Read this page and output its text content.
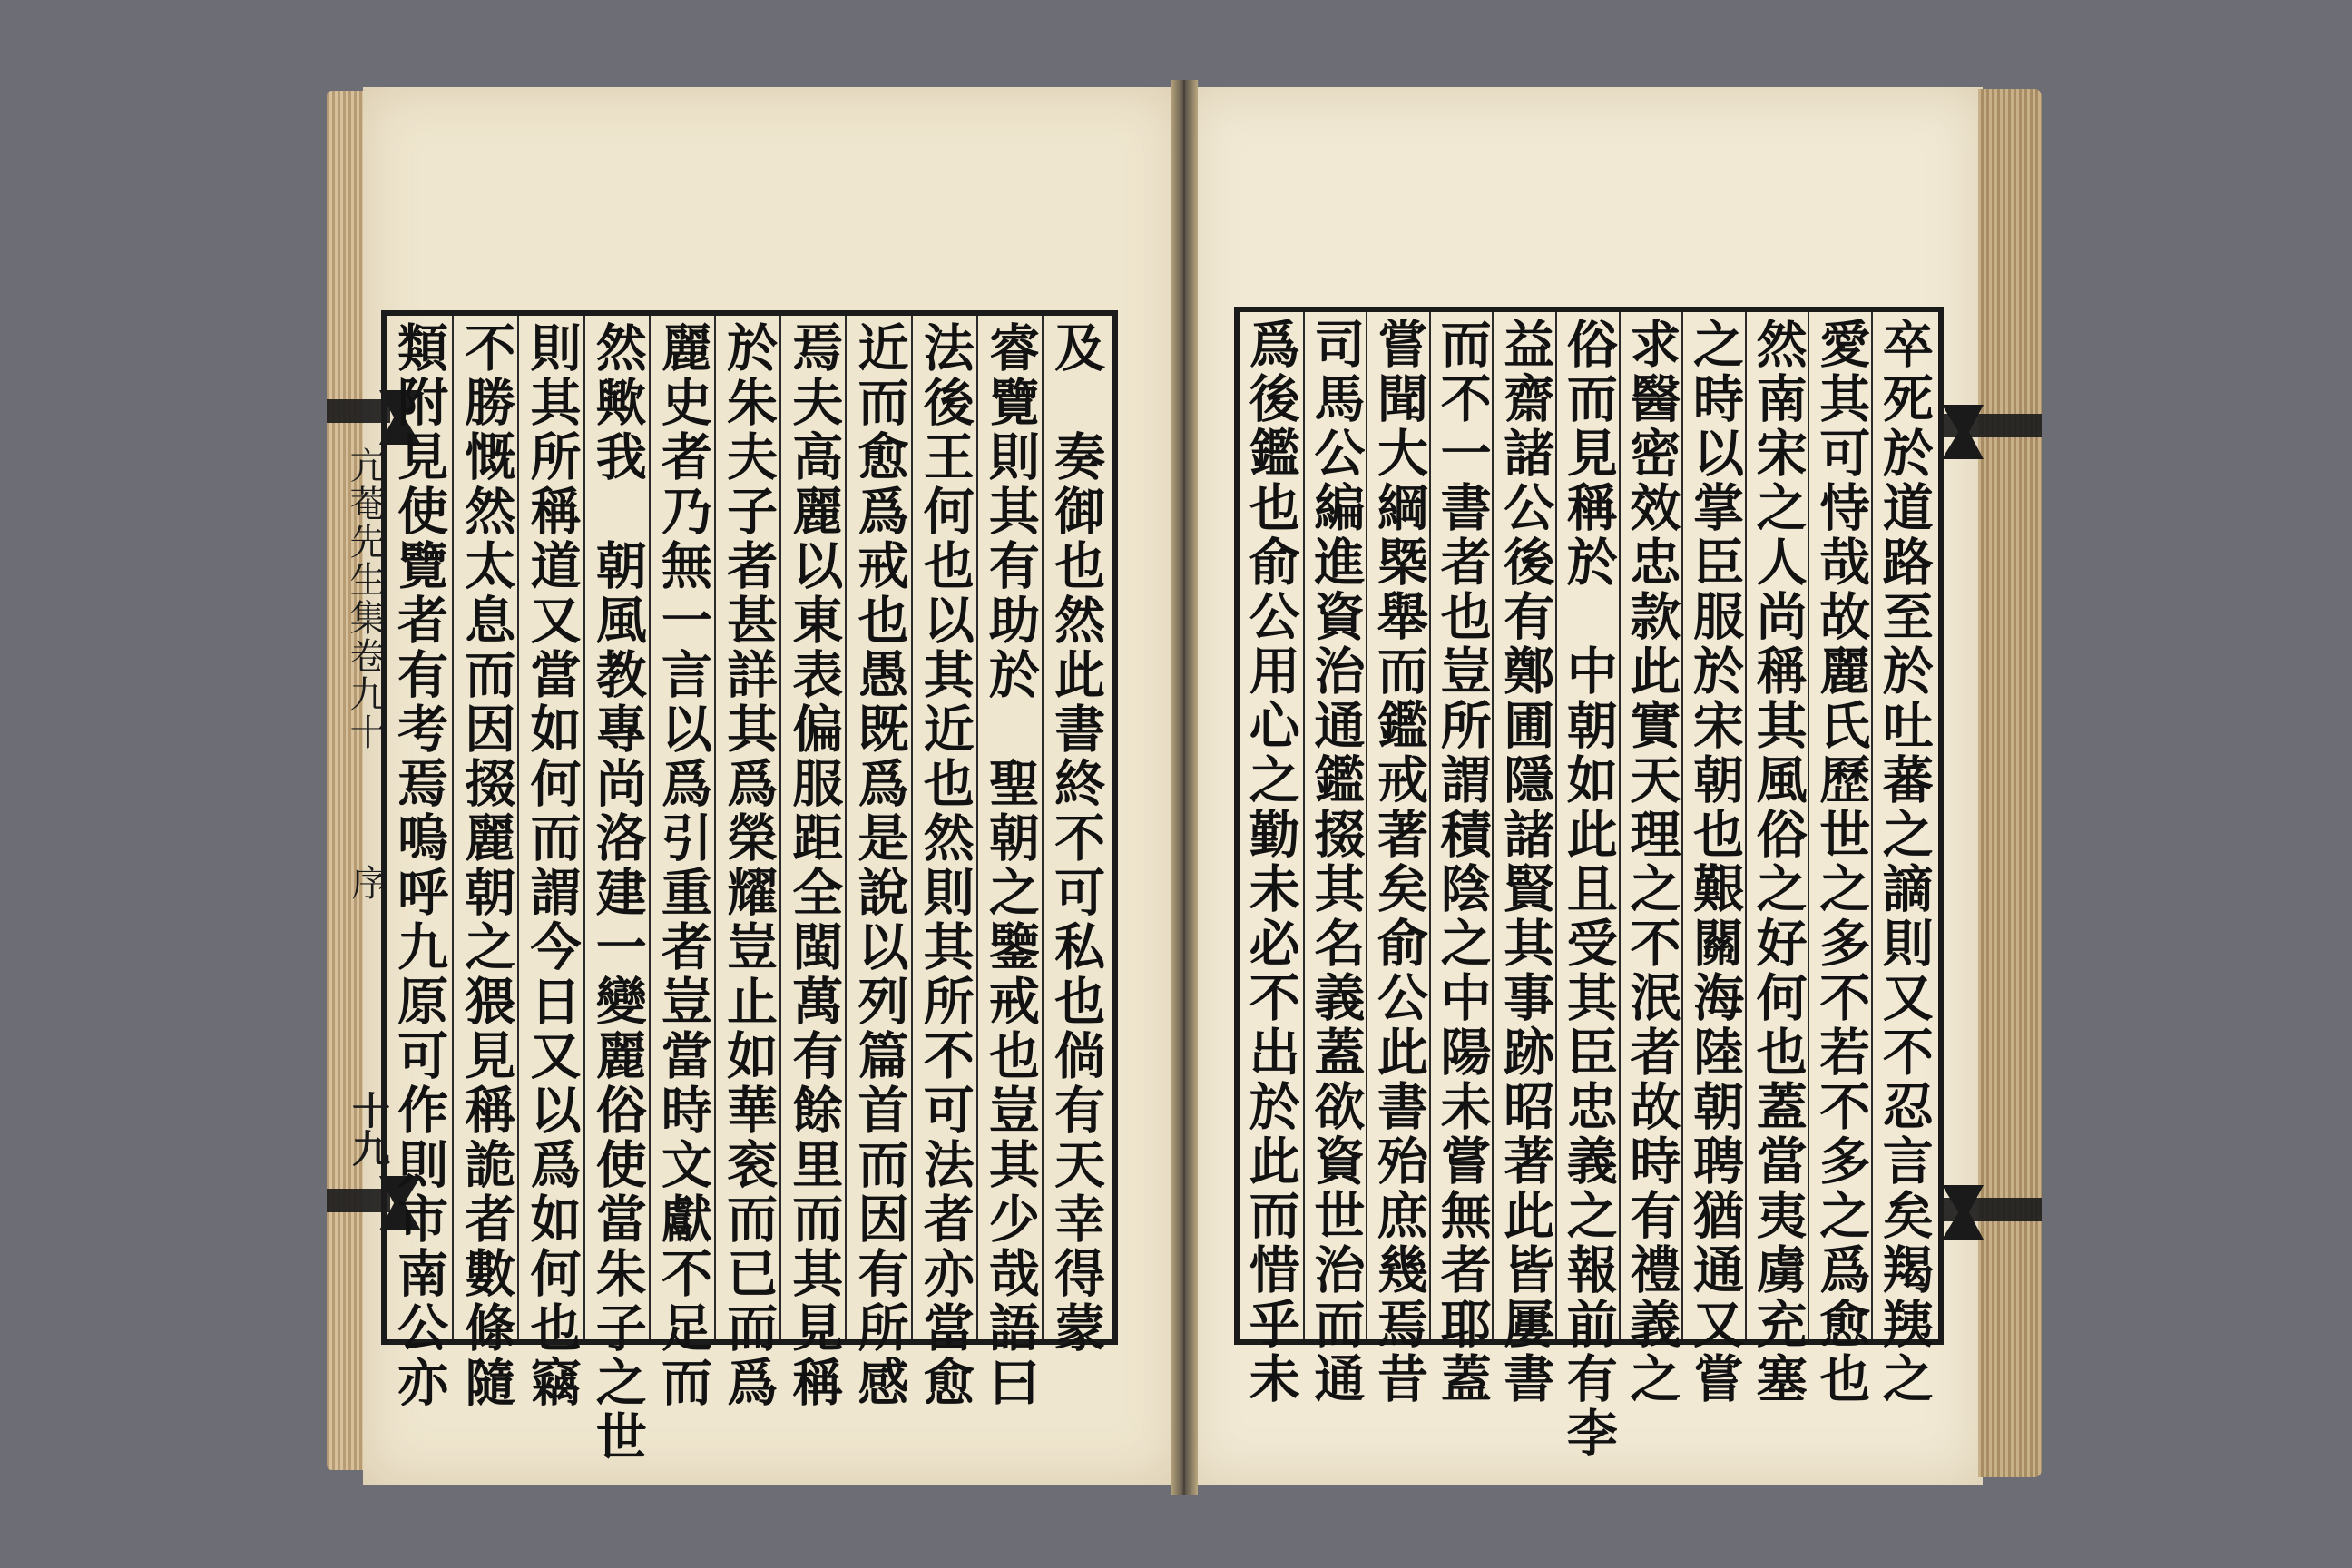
亢菴先生集卷九十
序
十九	及　奏御也然此書終不可私也倘有天幸得蒙
睿覽則其有助於　聖朝之鑒戒也豈其少哉語曰
法後王何也以其近也然則其所不可法者亦當愈
近而愈爲戒也愚既爲是說以列篇首而因有所感
焉夫高麗以東表偏服距全閩萬有餘里而其見稱
於朱夫子者甚詳其爲榮耀豈止如華衮而已而爲
麗史者乃無一言以爲引重者豈當時文獻不足而
然歟我　朝風教專尚洛建一變麗俗使當朱子之世
則其所稱道又當如何而謂今日又以爲如何也竊
不勝慨然太息而因掇麗朝之猥見稱詭者數條隨
類附見使覽者有考焉嗚呼九原可作則市南公亦	卒死於道路至於吐蕃之謫則又不忍言矣羯羠之
愛其可恃哉故麗氏歷世之多不若不多之爲愈也
然南宋之人尚稱其風俗之好何也蓋當夷虜充塞
之時以掌臣服於宋朝也艱關海陸朝聘猶通又嘗
求醫密效忠款此實天理之不泯者故時有禮義之
俗而見稱於　中朝如此且受其臣忠義之報前有李
益齋諸公後有鄭圃隱諸賢其事跡昭著此皆屢書
而不一書者也豈所謂積陰之中陽未嘗無者耶蓋
嘗聞大綱槩舉而鑑戒著矣俞公此書殆庶幾焉昔
司馬公編進資治通鑑掇其名義蓋欲資世治而通
爲後鑑也俞公用心之勤未必不出於此而惜乎未
